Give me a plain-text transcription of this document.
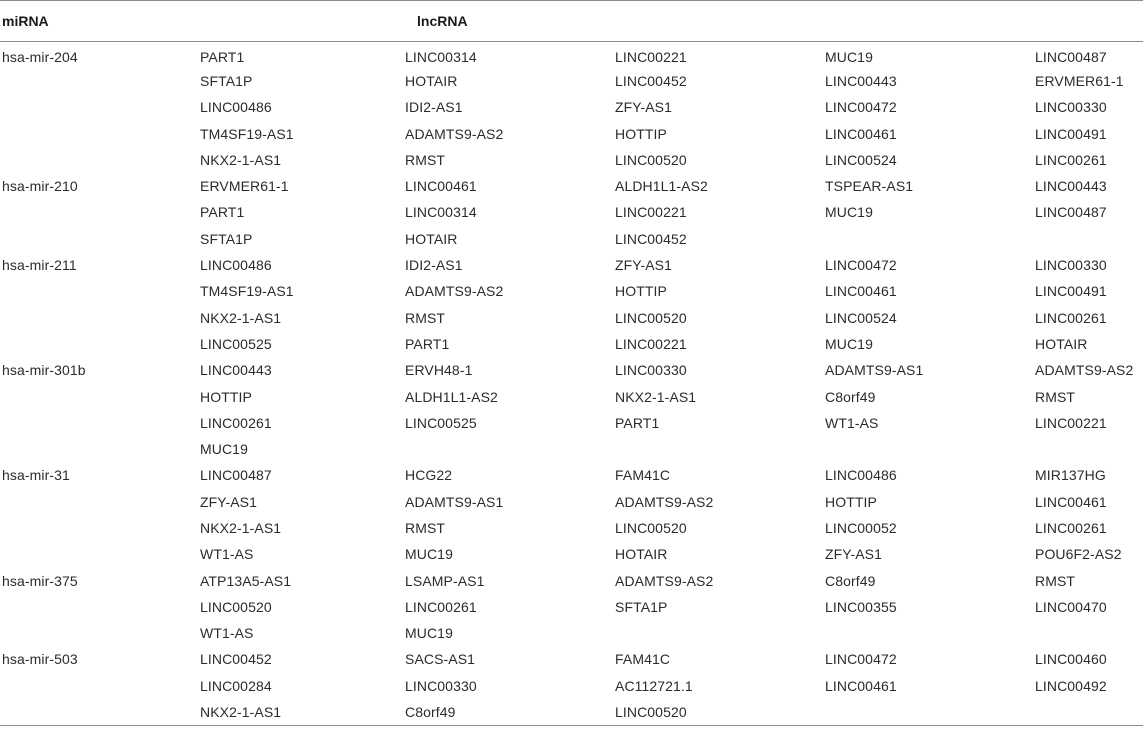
miRNA	lncRNA					
hsa-mir-204	PART1	LINC00314	LINC00221	MUC19	LINC00487	
	SFTA1P	HOTAIR	LINC00452	LINC00443	ERVMER61-1	
	LINC00486	IDI2-AS1	ZFY-AS1	LINC00472	LINC00330	
	TM4SF19-AS1	ADAMTS9-AS2	HOTTIP	LINC00461	LINC00491	
	NKX2-1-AS1	RMST	LINC00520	LINC00524	LINC00261	
hsa-mir-210	ERVMER61-1	LINC00461	ALDH1L1-AS2	TSPEAR-AS1	LINC00443	
	PART1	LINC00314	LINC00221	MUC19	LINC00487	
	SFTA1P	HOTAIR	LINC00452			
hsa-mir-211	LINC00486	IDI2-AS1	ZFY-AS1	LINC00472	LINC00330	
	TM4SF19-AS1	ADAMTS9-AS2	HOTTIP	LINC00461	LINC00491	
	NKX2-1-AS1	RMST	LINC00520	LINC00524	LINC00261	
	LINC00525	PART1	LINC00221	MUC19	HOTAIR	
hsa-mir-301b	LINC00443	ERVH48-1	LINC00330	ADAMTS9-AS1	ADAMTS9-AS2	
	HOTTIP	ALDH1L1-AS2	NKX2-1-AS1	C8orf49	RMST	
	LINC00261	LINC00525	PART1	WT1-AS	LINC00221	
	MUC19					
hsa-mir-31	LINC00487	HCG22	FAM41C	LINC00486	MIR137HG	
	ZFY-AS1	ADAMTS9-AS1	ADAMTS9-AS2	HOTTIP	LINC00461	
	NKX2-1-AS1	RMST	LINC00520	LINC00052	LINC00261	
	WT1-AS	MUC19	HOTAIR	ZFY-AS1	POU6F2-AS2	
hsa-mir-375	ATP13A5-AS1	LSAMP-AS1	ADAMTS9-AS2	C8orf49	RMST	
	LINC00520	LINC00261	SFTA1P	LINC00355	LINC00470	
	WT1-AS	MUC19				
hsa-mir-503	LINC00452	SACS-AS1	FAM41C	LINC00472	LINC00460	
	LINC00284	LINC00330	AC112721.1	LINC00461	LINC00492	
	NKX2-1-AS1	C8orf49	LINC00520			
